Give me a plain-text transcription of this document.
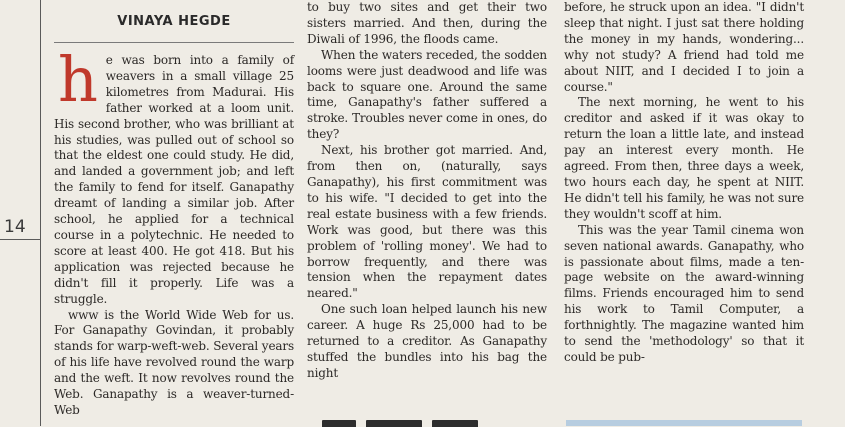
14
VINAYA HEGDE

he was born into a family of weavers in a small village 25 kilometres from Madurai. His father worked at a loom unit. His second brother, who was brilliant at his studies, was pulled out of school so that the eldest one could study. He did, and landed a government job; and left the family to fend for itself. Ganapathy dreamt of landing a similar job. After school, he applied for a technical course in a polytechnic. He needed to score at least 400. He got 418. But his application was rejected because he didn't fill it properly. Life was a struggle.

www is the World Wide Web for us. For Ganapathy Govindan, it probably stands for warp-weft-web. Several years of his life have revolved round the warp and the weft. It now revolves round the Web. Ganapathy is a weaver-turned-Web

to buy two sites and get their two sisters married. And then, during the Diwali of 1996, the floods came.

When the waters receded, the sodden looms were just deadwood and life was back to square one. Around the same time, Ganapathy's father suffered a stroke. Troubles never come in ones, do they?

Next, his brother got married. And, from then on, (naturally, says Ganapathy), his first commitment was to his wife. "I decided to get into the real estate business with a few friends. Work was good, but there was this problem of 'rolling money'. We had to borrow frequently, and there was tension when the repayment dates neared."

One such loan helped launch his new career. A huge Rs 25,000 had to be returned to a creditor. As Ganapathy stuffed the bundles into his bag the night

before, he struck upon an idea. "I didn't sleep that night. I just sat there holding the money in my hands, wondering... why not study? A friend had told me about NIIT, and I decided I to join a course."

The next morning, he went to his creditor and asked if it was okay to return the loan a little late, and instead pay an interest every month. He agreed. From then, three days a week, two hours each day, he spent at NIIT. He didn't tell his family, he was not sure they wouldn't scoff at him.

This was the year Tamil cinema won seven national awards. Ganapathy, who is passionate about films, made a ten-page website on the award-winning films. Friends encouraged him to send his work to Tamil Computer, a forthnightly. The magazine wanted him to send the 'methodology' so that it could be pub-
